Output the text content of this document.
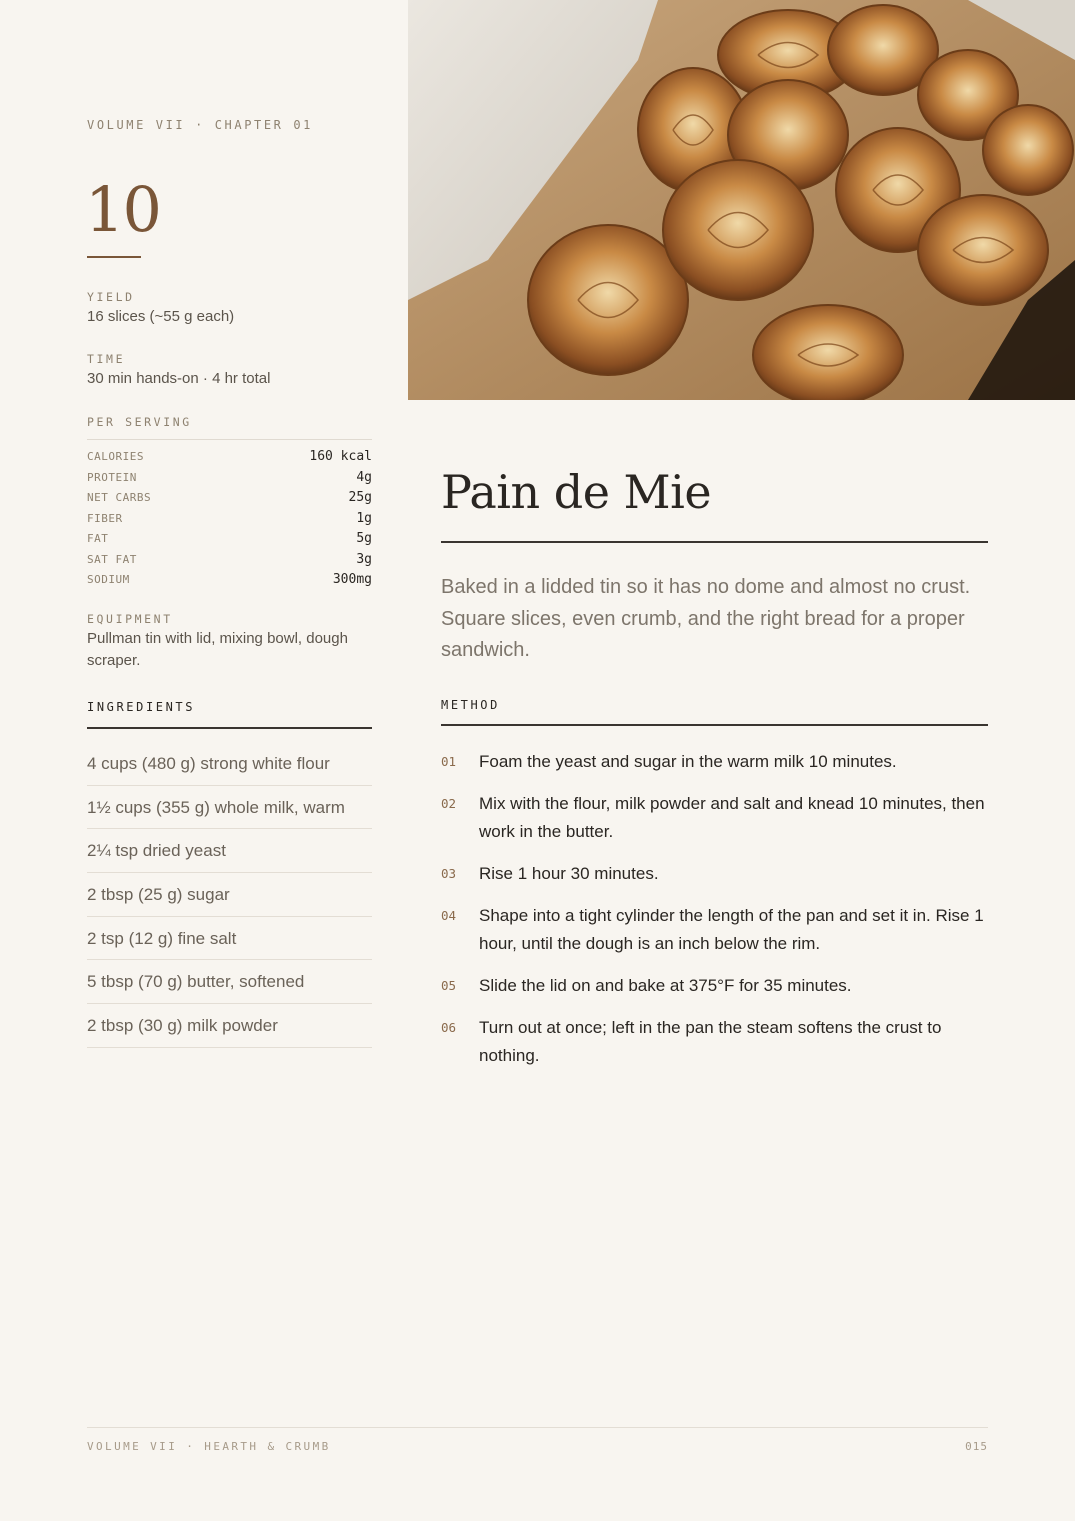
VOLUME VII · CHAPTER 01
10
YIELD
16 slices (~55 g each)
TIME
30 min hands-on · 4 hr total
PER SERVING
CALORIES	160 kcal
PROTEIN	4g
NET CARBS	25g
FIBER	1g
FAT	5g
SAT FAT	3g
SODIUM	300mg
EQUIPMENT
Pullman tin with lid, mixing bowl, dough scraper.
INGREDIENTS
4 cups (480 g) strong white flour
1½ cups (355 g) whole milk, warm
2¼ tsp dried yeast
2 tbsp (25 g) sugar
2 tsp (12 g) fine salt
5 tbsp (70 g) butter, softened
2 tbsp (30 g) milk powder
Pain de Mie

Baked in a lidded tin so it has no dome and almost no crust. Square slices, even crumb, and the right bread for a proper sandwich.

METHOD
01	Foam the yeast and sugar in the warm milk 10 minutes.
02	Mix with the flour, milk powder and salt and knead 10 minutes, then work in the butter.
03	Rise 1 hour 30 minutes.
04	Shape into a tight cylinder the length of the pan and set it in. Rise 1 hour, until the dough is an inch below the rim.
05	Slide the lid on and bake at 375°F for 35 minutes.
06	Turn out at once; left in the pan the steam softens the crust to nothing.
VOLUME VII · HEARTH & CRUMB	015
